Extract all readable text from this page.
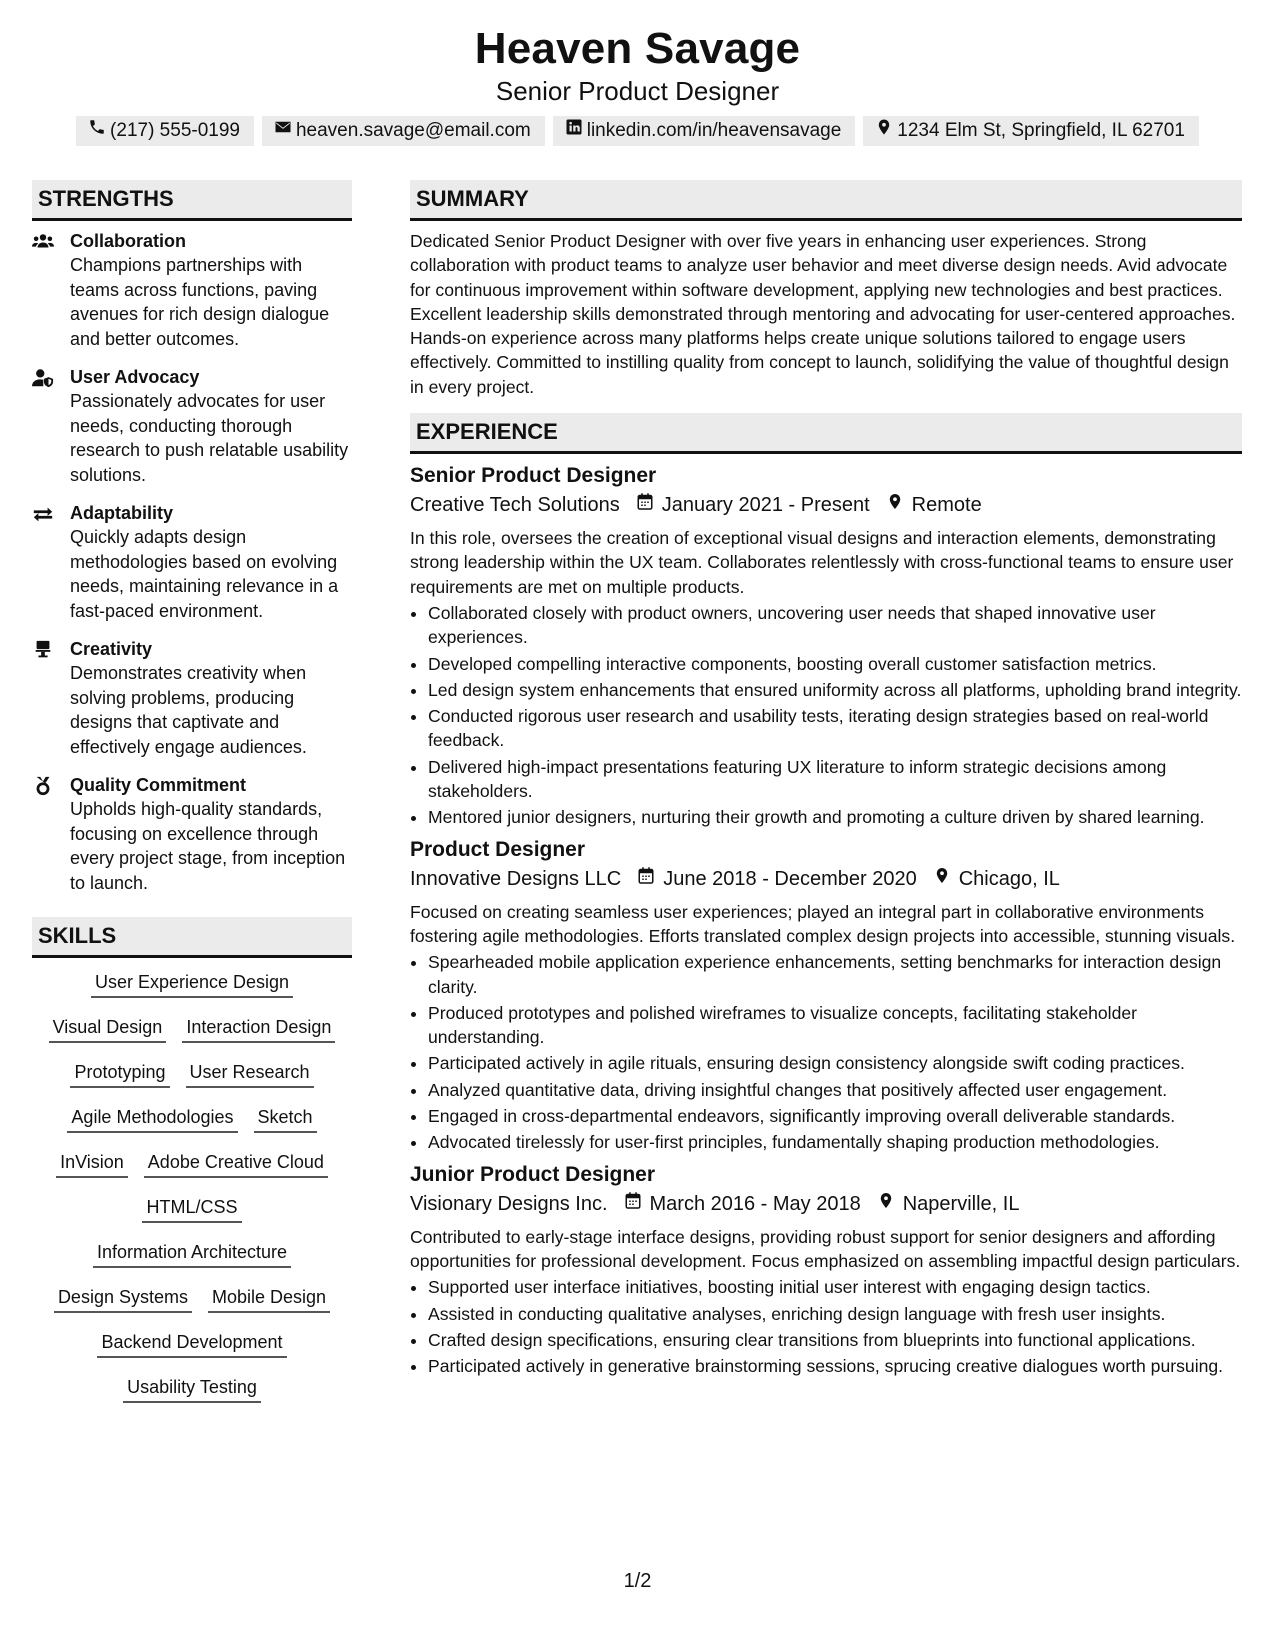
Heaven Savage
Senior Product Designer
(217) 555-0199	heaven.savage@email.com	linkedin.com/in/heavensavage	1234 Elm St, Springfield, IL 62701
STRENGTHS
Collaboration
Champions partnerships with teams across functions, paving avenues for rich design dialogue and better outcomes.
User Advocacy
Passionately advocates for user needs, conducting thorough research to push relatable usability solutions.
Adaptability
Quickly adapts design methodologies based on evolving needs, maintaining relevance in a fast-paced environment.
Creativity
Demonstrates creativity when solving problems, producing designs that captivate and effectively engage audiences.
Quality Commitment
Upholds high-quality standards, focusing on excellence through every project stage, from inception to launch.
SKILLS
User Experience Design
Visual Design Interaction Design
Prototyping User Research
Agile Methodologies Sketch
InVision Adobe Creative Cloud
HTML/CSS
Information Architecture
Design Systems Mobile Design
Backend Development
Usability Testing
SUMMARY

Dedicated Senior Product Designer with over five years in enhancing user experiences. Strong collaboration with product teams to analyze user behavior and meet diverse design needs. Avid advocate for continuous improvement within software development, applying new technologies and best practices. Excellent leadership skills demonstrated through mentoring and advocating for user-centered approaches. Hands-on experience across many platforms helps create unique solutions tailored to engage users effectively. Committed to instilling quality from concept to launch, solidifying the value of thoughtful design in every project.

EXPERIENCE
Senior Product Designer
Creative Tech Solutions January 2021 - Present Remote
In this role, oversees the creation of exceptional visual designs and interaction elements, demonstrating strong leadership within the UX team. Collaborates relentlessly with cross-functional teams to ensure user requirements are met on multiple products.
• Collaborated closely with product owners, uncovering user needs that shaped innovative user experiences.
• Developed compelling interactive components, boosting overall customer satisfaction metrics.
• Led design system enhancements that ensured uniformity across all platforms, upholding brand integrity.
• Conducted rigorous user research and usability tests, iterating design strategies based on real-world feedback.
• Delivered high-impact presentations featuring UX literature to inform strategic decisions among stakeholders.
• Mentored junior designers, nurturing their growth and promoting a culture driven by shared learning.
Product Designer
Innovative Designs LLC June 2018 - December 2020 Chicago, IL
Focused on creating seamless user experiences; played an integral part in collaborative environments fostering agile methodologies. Efforts translated complex design projects into accessible, stunning visuals.
• Spearheaded mobile application experience enhancements, setting benchmarks for interaction design clarity.
• Produced prototypes and polished wireframes to visualize concepts, facilitating stakeholder understanding.
• Participated actively in agile rituals, ensuring design consistency alongside swift coding practices.
• Analyzed quantitative data, driving insightful changes that positively affected user engagement.
• Engaged in cross-departmental endeavors, significantly improving overall deliverable standards.
• Advocated tirelessly for user-first principles, fundamentally shaping production methodologies.
Junior Product Designer
Visionary Designs Inc. March 2016 - May 2018 Naperville, IL
Contributed to early-stage interface designs, providing robust support for senior designers and affording opportunities for professional development. Focus emphasized on assembling impactful design particulars.
• Supported user interface initiatives, boosting initial user interest with engaging design tactics.
• Assisted in conducting qualitative analyses, enriching design language with fresh user insights.
• Crafted design specifications, ensuring clear transitions from blueprints into functional applications.
• Participated actively in generative brainstorming sessions, sprucing creative dialogues worth pursuing.
1/2
